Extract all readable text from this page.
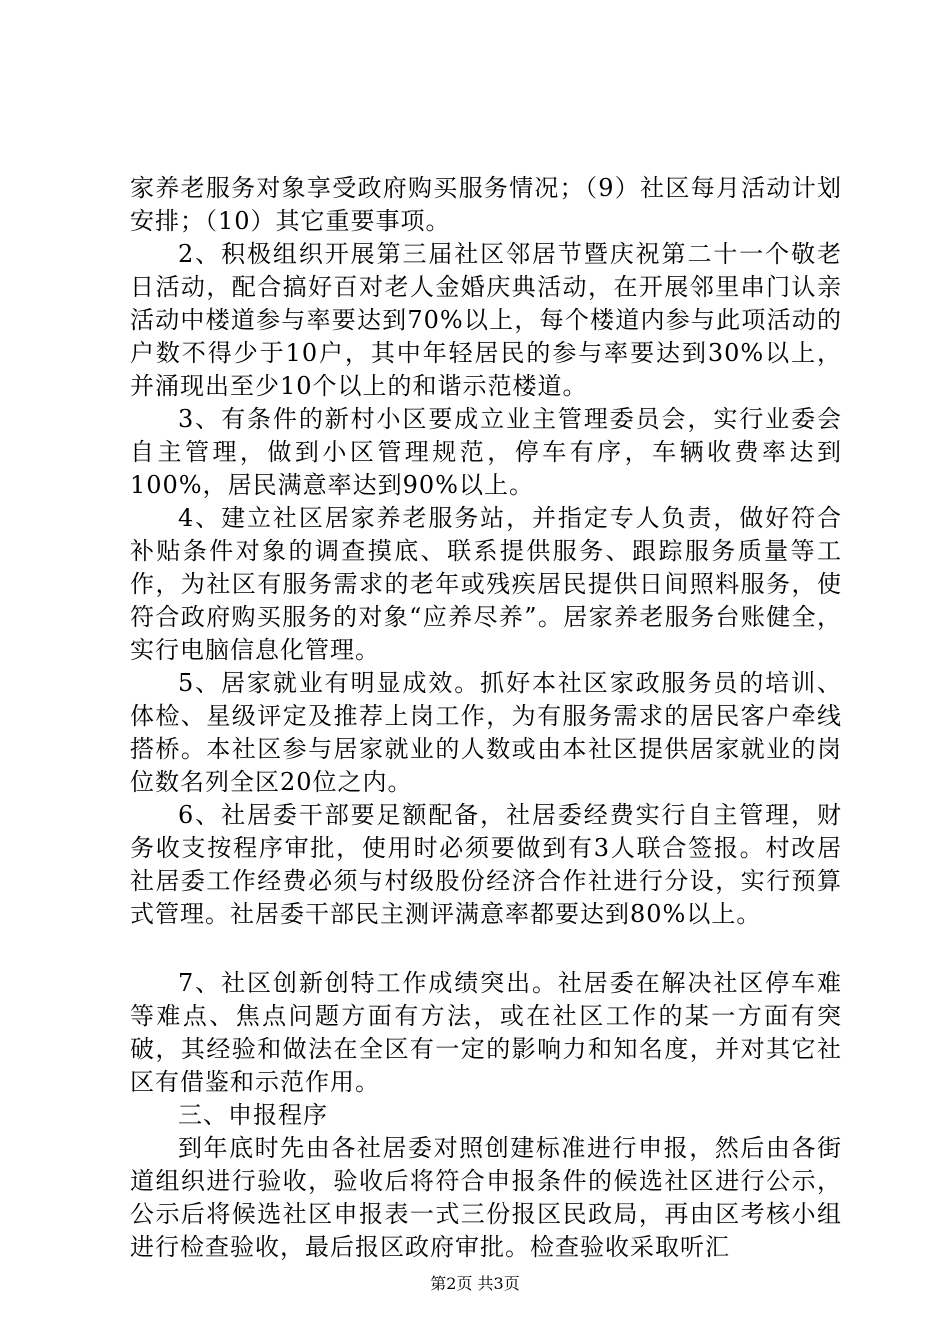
家养老服务对象享受政府购买服务情况；（9）社区每月活动计划安排；（10）其它重要事项。

2、积极组织开展第三届社区邻居节暨庆祝第二十一个敬老日活动，配合搞好百对老人金婚庆典活动，在开展邻里串门认亲活动中楼道参与率要达到70%以上，每个楼道内参与此项活动的户数不得少于10户，其中年轻居民的参与率要达到30%以上，并涌现出至少10个以上的和谐示范楼道。

3、有条件的新村小区要成立业主管理委员会，实行业委会自主管理，做到小区管理规范，停车有序，车辆收费率达到100%，居民满意率达到90%以上。

4、建立社区居家养老服务站，并指定专人负责，做好符合补贴条件对象的调查摸底、联系提供服务、跟踪服务质量等工作，为社区有服务需求的老年或残疾居民提供日间照料服务，使符合政府购买服务的对象“应养尽养”。居家养老服务台账健全，实行电脑信息化管理。

5、居家就业有明显成效。抓好本社区家政服务员的培训、体检、星级评定及推荐上岗工作，为有服务需求的居民客户牵线搭桥。本社区参与居家就业的人数或由本社区提供居家就业的岗位数名列全区20位之内。

6、社居委干部要足额配备，社居委经费实行自主管理，财务收支按程序审批，使用时必须要做到有3人联合签报。村改居社居委工作经费必须与村级股份经济合作社进行分设，实行预算式管理。社居委干部民主测评满意率都要达到80%以上。

7、社区创新创特工作成绩突出。社居委在解决社区停车难等难点、焦点问题方面有方法，或在社区工作的某一方面有突破，其经验和做法在全区有一定的影响力和知名度，并对其它社区有借鉴和示范作用。

三、申报程序

到年底时先由各社居委对照创建标准进行申报，然后由各街道组织进行验收，验收后将符合申报条件的候选社区进行公示，公示后将候选社区申报表一式三份报区民政局，再由区考核小组进行检查验收，最后报区政府审批。检查验收采取听汇

第2页 共3页
